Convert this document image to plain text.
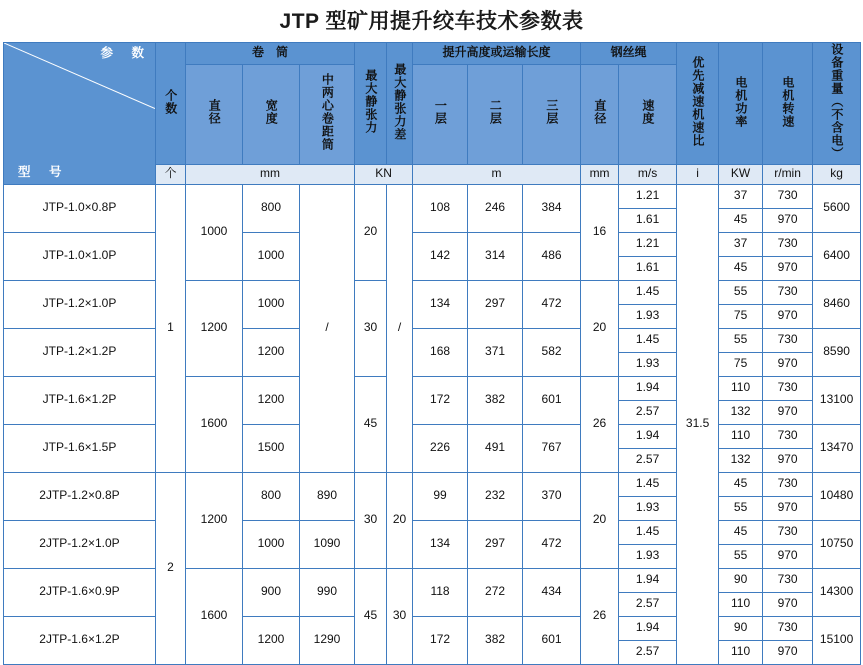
JTP 型矿用提升绞车技术参数表
参　数
型　号	个数	卷　筒			最大静张力	最大静张力差	提升高度或运输长度			钢丝绳		优先减速机速比	电机功率	电机转速	设备重量（不含电）
		直径	宽度	中两心卷距筒			一层	二层	三层	直径	速度				
	个	mm			KN		m			mm	m/s	i	KW	r/min	kg
JTP-1.0×0.8P	1	1000	800	/	20	/	108	246	384	16	1.21	31.5	37	730	5600
											1.61		45	970	
JTP-1.0×1.0P			1000				142	314	486		1.21		37	730	6400
											1.61		45	970	
JTP-1.2×1.0P		1200	1000		30		134	297	472	20	1.45		55	730	8460
											1.93		75	970	
JTP-1.2×1.2P			1200				168	371	582		1.45		55	730	8590
											1.93		75	970	
JTP-1.6×1.2P		1600	1200		45		172	382	601	26	1.94		110	730	13100
											2.57		132	970	
JTP-1.6×1.5P			1500				226	491	767		1.94		110	730	13470
											2.57		132	970	
2JTP-1.2×0.8P	2	1200	800	890	30	20	99	232	370	20	1.45		45	730	10480
											1.93		55	970	
2JTP-1.2×1.0P			1000	1090			134	297	472		1.45		45	730	10750
											1.93		55	970	
2JTP-1.6×0.9P		1600	900	990	45	30	118	272	434	26	1.94		90	730	14300
											2.57		110	970	
2JTP-1.6×1.2P			1200	1290			172	382	601		1.94		90	730	15100
											2.57		110	970	
